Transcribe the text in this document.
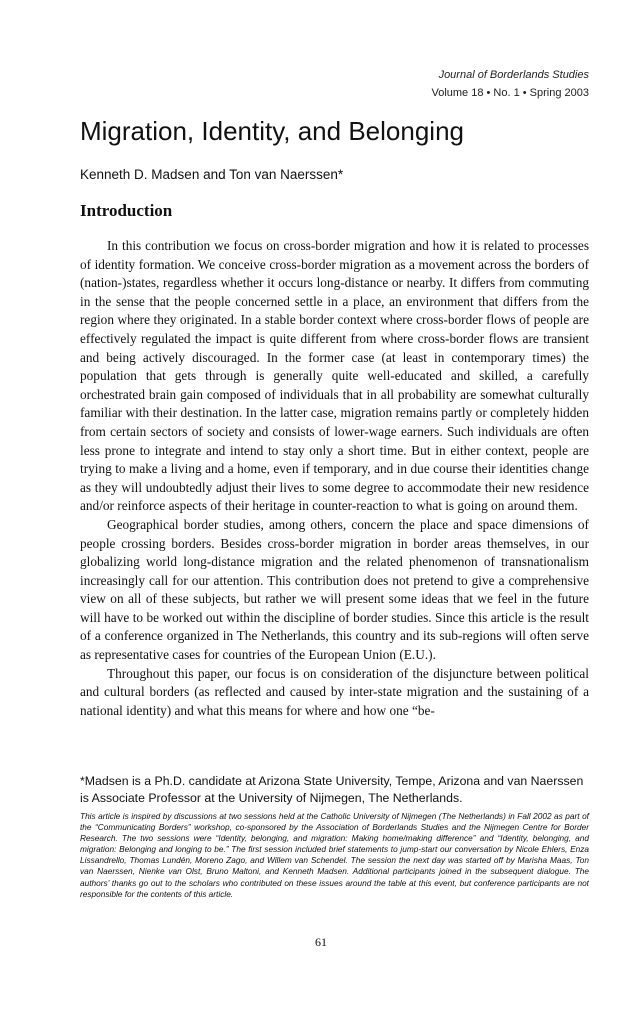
Journal of Borderlands Studies
Volume 18 • No. 1 • Spring 2003
Migration, Identity, and Belonging
Kenneth D. Madsen and Ton van Naerssen*
Introduction

In this contribution we focus on cross-border migration and how it is related to processes of identity formation. We conceive cross-border migration as a movement across the borders of (nation-)states, regardless whether it occurs long-distance or nearby. It differs from commuting in the sense that the people concerned settle in a place, an environment that differs from the region where they originated. In a stable border context where cross-border flows of people are effectively regulated the impact is quite different from where cross-border flows are transient and being actively discouraged. In the former case (at least in contemporary times) the population that gets through is generally quite well-educated and skilled, a carefully orchestrated brain gain composed of individuals that in all probability are somewhat culturally familiar with their destination. In the latter case, migration remains partly or completely hidden from certain sectors of society and consists of lower-wage earners. Such individuals are often less prone to integrate and intend to stay only a short time. But in either context, people are trying to make a living and a home, even if temporary, and in due course their identities change as they will undoubtedly adjust their lives to some degree to accommodate their new residence and/or reinforce aspects of their heritage in counter-reaction to what is going on around them.

Geographical border studies, among others, concern the place and space dimensions of people crossing borders. Besides cross-border migration in border areas themselves, in our globalizing world long-distance migration and the related phenomenon of transnationalism increasingly call for our attention. This contribution does not pretend to give a comprehensive view on all of these subjects, but rather we will present some ideas that we feel in the future will have to be worked out within the discipline of border studies. Since this article is the result of a conference organized in The Netherlands, this country and its sub-regions will often serve as representative cases for countries of the European Union (E.U.).

Throughout this paper, our focus is on consideration of the disjuncture between political and cultural borders (as reflected and caused by inter-state migration and the sustaining of a national identity) and what this means for where and how one “be-

*Madsen is a Ph.D. candidate at Arizona State University, Tempe, Arizona and van Naerssen is Associate Professor at the University of Nijmegen, The Netherlands.

This article is inspired by discussions at two sessions held at the Catholic University of Nijmegen (The Netherlands) in Fall 2002 as part of the “Communicating Borders” workshop, co-sponsored by the Association of Borderlands Studies and the Nijmegen Centre for Border Research. The two sessions were “Identity, belonging, and migration: Making home/making difference” and “Identity, belonging, and migration: Belonging and longing to be.” The first session included brief statements to jump-start our conversation by Nicole Ehlers, Enza Lissandrello, Thomas Lundén, Moreno Zago, and Willem van Schendel. The session the next day was started off by Marisha Maas, Ton van Naerssen, Nienke van Olst, Bruno Maltoni, and Kenneth Madsen. Additional participants joined in the subsequent dialogue. The authors’ thanks go out to the scholars who contributed on these issues around the table at this event, but conference participants are not responsible for the contents of this article.

61
